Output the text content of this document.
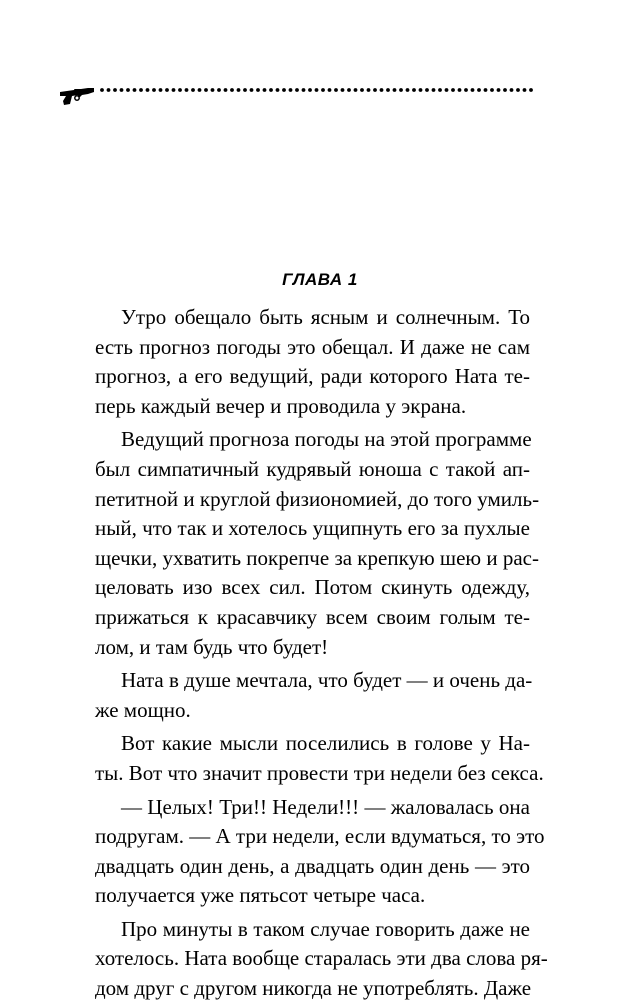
ГЛАВА 1
Утро обещало быть ясным и солнечным. То
есть прогноз погоды это обещал. И даже не сам
прогноз, а его ведущий, ради которого Ната те-
перь каждый вечер и проводила у экрана.
Ведущий прогноза погоды на этой программе
был симпатичный кудрявый юноша с такой ап-
петитной и круглой физиономией, до того умиль-
ный, что так и хотелось ущипнуть его за пухлые
щечки, ухватить покрепче за крепкую шею и рас-
целовать изо всех сил. Потом скинуть одежду,
прижаться к красавчику всем своим голым те-
лом, и там будь что будет!
Ната в душе мечтала, что будет — и очень да-
же мощно.
Вот какие мысли поселились в голове у На-
ты. Вот что значит провести три недели без секса.
— Целых! Три!! Недели!!! — жаловалась она
подругам. — А три недели, если вдуматься, то это
двадцать один день, а двадцать один день — это
получается уже пятьсот четыре часа.
Про минуты в таком случае говорить даже не
хотелось. Ната вообще старалась эти два слова ря-
дом друг с другом никогда не употреблять. Даже
